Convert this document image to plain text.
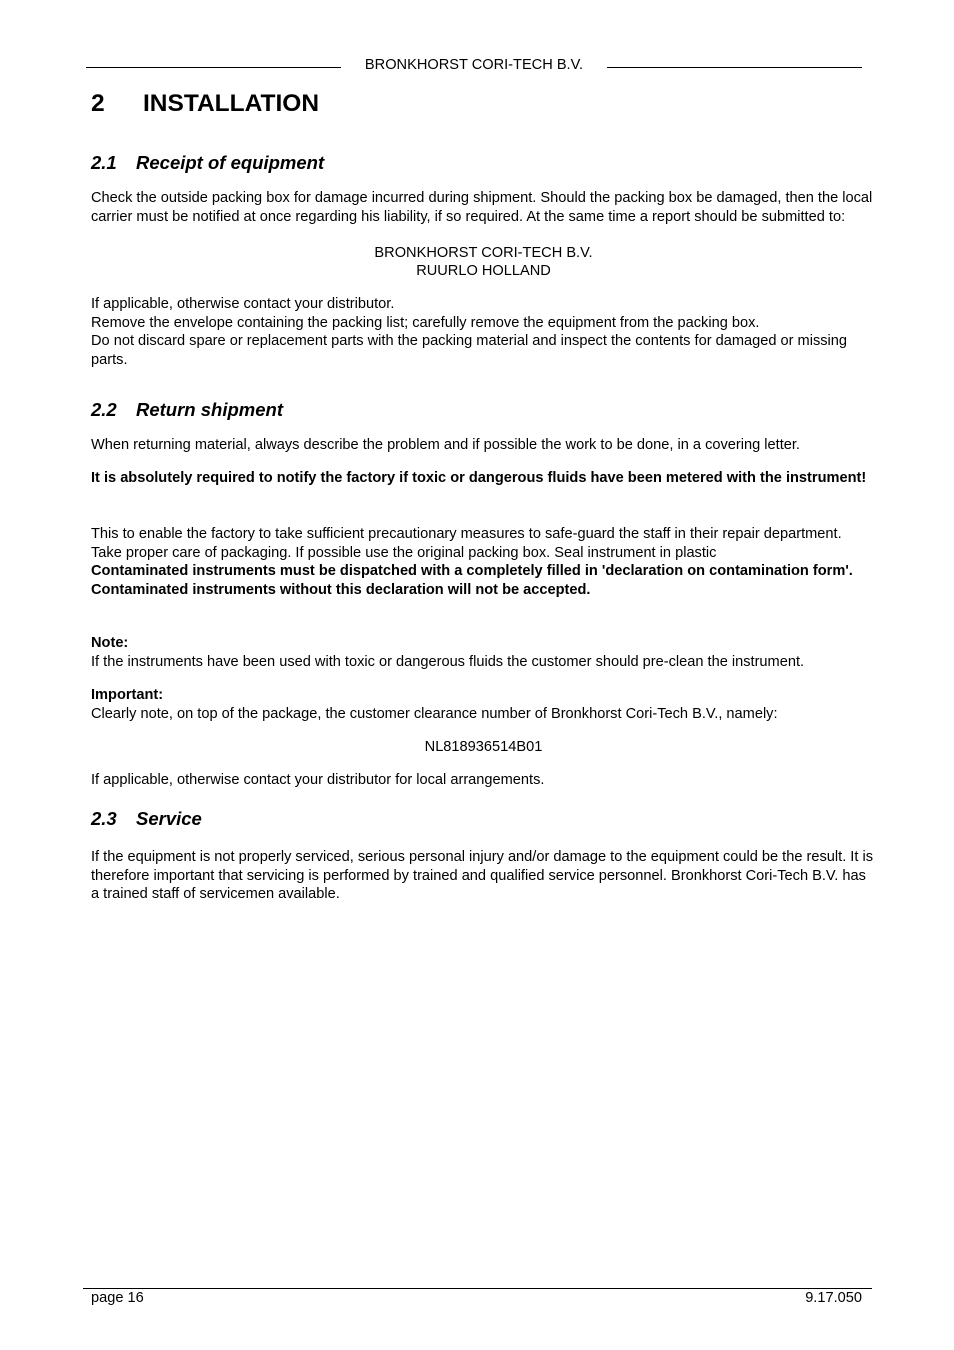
BRONKHORST CORI-TECH B.V.
2 INSTALLATION
2.1 Receipt of equipment
Check the outside packing box for damage incurred during shipment. Should the packing box be damaged, then the local carrier must be notified at once regarding his liability, if so required. At the same time a report should be submitted to:
BRONKHORST CORI-TECH B.V.
RUURLO HOLLAND
If applicable, otherwise contact your distributor.
Remove the envelope containing the packing list; carefully remove the equipment from the packing box.
Do not discard spare or replacement parts with the packing material and inspect the contents for damaged or missing parts.
2.2 Return shipment
When returning material, always describe the problem and if possible the work to be done, in a covering letter.
It is absolutely required to notify the factory if toxic or dangerous fluids have been metered with the instrument!
This to enable the factory to take sufficient precautionary measures to safe-guard the staff in their repair department. Take proper care of packaging. If possible use the original packing box. Seal instrument in plastic
Contaminated instruments must be dispatched with a completely filled in 'declaration on contamination form'.
Contaminated instruments without this declaration will not be accepted.
Note:
If the instruments have been used with toxic or dangerous fluids the customer should pre-clean the instrument.
Important:
Clearly note, on top of the package, the customer clearance number of Bronkhorst Cori-Tech B.V., namely:
NL818936514B01
If applicable, otherwise contact your distributor for local arrangements.
2.3 Service
If the equipment is not properly serviced, serious personal injury and/or damage to the equipment could be the result. It is therefore important that servicing is performed by trained and qualified service personnel. Bronkhorst Cori-Tech B.V. has a trained staff of servicemen available.
page 16	9.17.050
